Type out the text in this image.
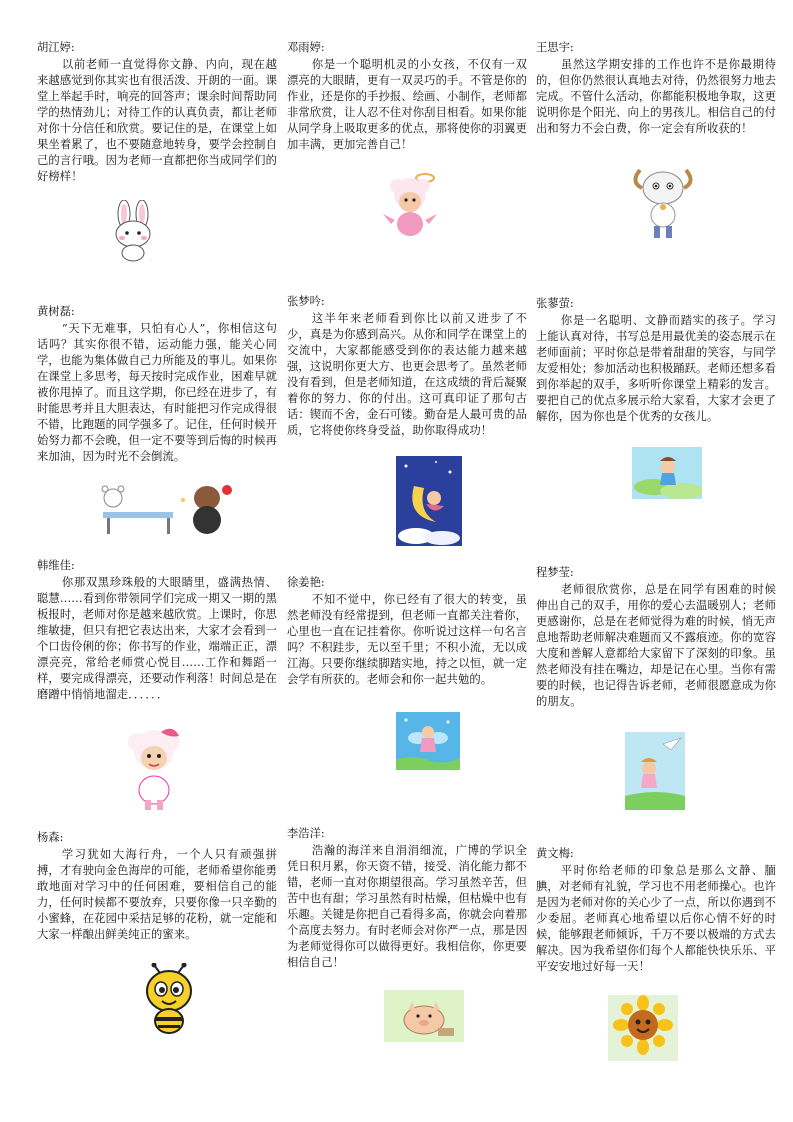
胡江婷:
以前老师一直觉得你文静、内向，现在越来越感觉到你其实也有很活泼、开朗的一面。课堂上举起手时，响亮的回答声；课余时间帮助同学的热情劲儿；对待工作的认真负责，都让老师对你十分信任和欣赏。要记住的是，在课堂上如果坐着累了，也不要随意地转身，要学会控制自己的言行哦。因为老师一直都把你当成同学们的好榜样！
·
邓雨婷:
你是一个聪明机灵的小女孩，不仅有一双漂亮的大眼睛，更有一双灵巧的手。不管是你的作业，还是你的手抄报、绘画、小制作，老师都非常欣赏，让人忍不住对你刮目相看。如果你能从同学身上吸取更多的优点，那将使你的羽翼更加丰满，更加完善自己！
王思宇:
虽然这学期安排的工作也许不是你最期待的，但你仍然很认真地去对待，仍然很努力地去完成。不管什么活动，你都能积极地争取，这更说明你是个阳光、向上的男孩儿。相信自己的付出和努力不会白费，你一定会有所收获的！
黄树磊:
“天下无难事，只怕有心人”，你相信这句话吗？其实你很不错，运动能力强，能关心同学，也能为集体做自己力所能及的事儿。如果你在课堂上多思考，每天按时完成作业，困难早就被你甩掉了。而且这学期，你已经在进步了，有时能思考并且大胆表达，有时能把习作完成得很不错，比跑题的同学强多了。记住，任何时候开始努力都不会晚，但一定不要等到后悔的时候再来加油，因为时光不会倒流。
张梦吟:
这半年来老师看到你比以前又进步了不少，真是为你感到高兴。从你和同学在课堂上的交流中，大家都能感受到你的表达能力越来越强，这说明你更大方、也更会思考了。虽然老师没有看到，但是老师知道，在这成绩的背后凝聚着你的努力、你的付出。这可真印证了那句古话：锲而不舍，金石可镂。勤奋是人最可贵的品质，它将使你终身受益，助你取得成功！
张蓼萤:
你是一名聪明、文静而踏实的孩子。学习上能认真对待，书写总是用最优美的姿态展示在老师面前；平时你总是带着甜甜的笑容，与同学友爱相处；参加活动也积极踊跃。老师还想多看到你举起的双手，多听听你课堂上精彩的发言。要把自己的优点多展示给大家看，大家才会更了解你，因为你也是个优秀的女孩儿。
韩维佳:
你那双黑珍珠般的大眼睛里，盛满热情、聪慧……看到你带领同学们完成一期又一期的黑板报时，老师对你是越来越欣赏。上课时，你思维敏捷，但只有把它表达出来，大家才会看到一个口齿伶俐的你；你书写的作业，端端正正，漂漂亮亮，常给老师赏心悦目……工作和舞蹈一样，要完成得漂亮，还要动作利落！时间总是在磨蹭中悄悄地溜走．．．．．．
徐姜艳:
不知不觉中，你已经有了很大的转变，虽然老师没有经常提到，但老师一直都关注着你，心里也一直在记挂着你。你听说过这样一句名言吗？不积跬步，无以至千里；不积小流，无以成江海。只要你继续脚踏实地，持之以恒，就一定会学有所获的。老师会和你一起共勉的。
程梦莹:
老师很欣赏你，总是在同学有困难的时候伸出自己的双手，用你的爱心去温暖别人；老师更感谢你，总是在老师觉得为难的时候，悄无声息地帮助老师解决难题而又不露痕迹。你的宽容大度和善解人意都给大家留下了深刻的印象。虽然老师没有挂在嘴边，却是记在心里。当你有需要的时候，也记得告诉老师，老师很愿意成为你的朋友。
杨森:
学习犹如大海行舟，一个人只有顽强拼搏，才有驶向金色海岸的可能，老师希望你能勇敢地面对学习中的任何困难，要相信自己的能力，任何时候都不要放弃，只要你像一只辛勤的小蜜蜂，在花园中采拮足够的花粉，就一定能和大家一样酿出鲜美纯正的蜜来。
李浩洋:
浩瀚的海洋来自涓涓细流，广博的学识全凭日积月累，你天资不错，接受、消化能力都不错，老师一直对你期望很高。学习虽然辛苦，但苦中也有甜；学习虽然有时枯燥，但枯燥中也有乐趣。关键是你把自己看得多高，你就会向着那个高度去努力。有时老师会对你严一点，那是因为老师觉得你可以做得更好。我相信你，你更要相信自己！
黄文梅:
平时你给老师的印象总是那么文静、腼腆，对老师有礼貌，学习也不用老师操心。也许是因为老师对你的关心少了一点，所以你遇到不少委屈。老师真心地希望以后你心情不好的时候，能够跟老师倾诉，千万不要以极端的方式去解决。因为我希望你们每个人都能快快乐乐、平平安安地过好每一天！
